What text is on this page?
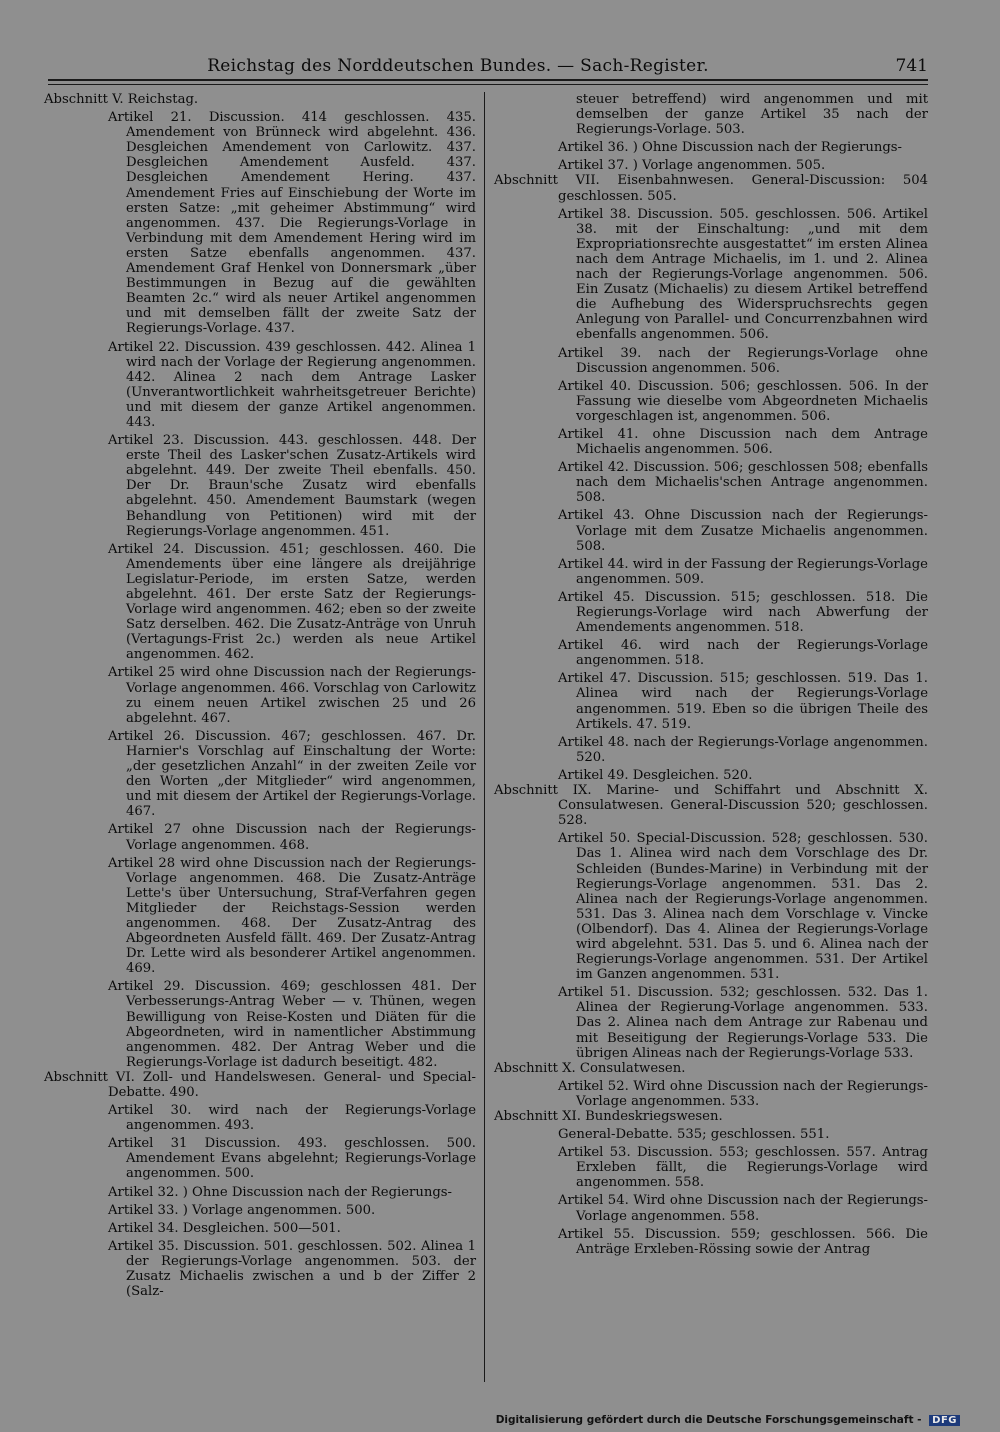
Reichstag des Norddeutschen Bundes. — Sach-Register.	741

Abschnitt V. Reichstag.

Artikel 21. Discussion. 414 geschlossen. 435. Amendement von Brünneck wird abgelehnt. 436. Desgleichen Amendement von Carlowitz. 437. Desgleichen Amendement Ausfeld. 437. Desgleichen Amendement Hering. 437. Amendement Fries auf Einschiebung der Worte im ersten Satze: „mit geheimer Abstimmung“ wird angenommen. 437. Die Regierungs-Vorlage in Verbindung mit dem Amendement Hering wird im ersten Satze ebenfalls angenommen. 437. Amendement Graf Henkel von Donnersmark „über Bestimmungen in Bezug auf die gewählten Beamten 2c.“ wird als neuer Artikel angenommen und mit demselben fällt der zweite Satz der Regierungs-Vorlage. 437.

Artikel 22. Discussion. 439 geschlossen. 442. Alinea 1 wird nach der Vorlage der Regierung angenommen. 442. Alinea 2 nach dem Antrage Lasker (Unverantwortlichkeit wahrheitsgetreuer Berichte) und mit diesem der ganze Artikel angenommen. 443.

Artikel 23. Discussion. 443. geschlossen. 448. Der erste Theil des Lasker'schen Zusatz-Artikels wird abgelehnt. 449. Der zweite Theil ebenfalls. 450. Der Dr. Braun'sche Zusatz wird ebenfalls abgelehnt. 450. Amendement Baumstark (wegen Behandlung von Petitionen) wird mit der Regierungs-Vorlage angenommen. 451.

Artikel 24. Discussion. 451; geschlossen. 460. Die Amendements über eine längere als dreijährige Legislatur-Periode, im ersten Satze, werden abgelehnt. 461. Der erste Satz der Regierungs-Vorlage wird angenommen. 462; eben so der zweite Satz derselben. 462. Die Zusatz-Anträge von Unruh (Vertagungs-Frist 2c.) werden als neue Artikel angenommen. 462.

Artikel 25 wird ohne Discussion nach der Regierungs-Vorlage angenommen. 466. Vorschlag von Carlowitz zu einem neuen Artikel zwischen 25 und 26 abgelehnt. 467.

Artikel 26. Discussion. 467; geschlossen. 467. Dr. Harnier's Vorschlag auf Einschaltung der Worte: „der gesetzlichen Anzahl“ in der zweiten Zeile vor den Worten „der Mitglieder“ wird angenommen, und mit diesem der Artikel der Regierungs-Vorlage. 467.

Artikel 27 ohne Discussion nach der Regierungs-Vorlage angenommen. 468.

Artikel 28 wird ohne Discussion nach der Regierungs-Vorlage angenommen. 468. Die Zusatz-Anträge Lette's über Untersuchung, Straf-Verfahren gegen Mitglieder der Reichstags-Session werden angenommen. 468. Der Zusatz-Antrag des Abgeordneten Ausfeld fällt. 469. Der Zusatz-Antrag Dr. Lette wird als besonderer Artikel angenommen. 469.

Artikel 29. Discussion. 469; geschlossen 481. Der Verbesserungs-Antrag Weber — v. Thünen, wegen Bewilligung von Reise-Kosten und Diäten für die Abgeordneten, wird in namentlicher Abstimmung angenommen. 482. Der Antrag Weber und die Regierungs-Vorlage ist dadurch beseitigt. 482.

Abschnitt VI. Zoll- und Handelswesen. General- und Special-Debatte. 490.

Artikel 30. wird nach der Regierungs-Vorlage angenommen. 493.

Artikel 31 Discussion. 493. geschlossen. 500. Amendement Evans abgelehnt; Regierungs-Vorlage angenommen. 500.

Artikel 32. ) Ohne Discussion nach der Regierungs-

Artikel 33. ) Vorlage angenommen. 500.

Artikel 34. Desgleichen. 500—501.

Artikel 35. Discussion. 501. geschlossen. 502. Alinea 1 der Regierungs-Vorlage angenommen. 503. der Zusatz Michaelis zwischen a und b der Ziffer 2 (Salz-

steuer betreffend) wird angenommen und mit demselben der ganze Artikel 35 nach der Regierungs-Vorlage. 503.

Artikel 36. ) Ohne Discussion nach der Regierungs-

Artikel 37. ) Vorlage angenommen. 505.

Abschnitt VII. Eisenbahnwesen. General-Discussion: 504 geschlossen. 505.

Artikel 38. Discussion. 505. geschlossen. 506. Artikel 38. mit der Einschaltung: „und mit dem Expropriationsrechte ausgestattet“ im ersten Alinea nach dem Antrage Michaelis, im 1. und 2. Alinea nach der Regierungs-Vorlage angenommen. 506. Ein Zusatz (Michaelis) zu diesem Artikel betreffend die Aufhebung des Widerspruchsrechts gegen Anlegung von Parallel- und Concurrenzbahnen wird ebenfalls angenommen. 506.

Artikel 39. nach der Regierungs-Vorlage ohne Discussion angenommen. 506.

Artikel 40. Discussion. 506; geschlossen. 506. In der Fassung wie dieselbe vom Abgeordneten Michaelis vorgeschlagen ist, angenommen. 506.

Artikel 41. ohne Discussion nach dem Antrage Michaelis angenommen. 506.

Artikel 42. Discussion. 506; geschlossen 508; ebenfalls nach dem Michaelis'schen Antrage angenommen. 508.

Artikel 43. Ohne Discussion nach der Regierungs-Vorlage mit dem Zusatze Michaelis angenommen. 508.

Artikel 44. wird in der Fassung der Regierungs-Vorlage angenommen. 509.

Artikel 45. Discussion. 515; geschlossen. 518. Die Regierungs-Vorlage wird nach Abwerfung der Amendements angenommen. 518.

Artikel 46. wird nach der Regierungs-Vorlage angenommen. 518.

Artikel 47. Discussion. 515; geschlossen. 519. Das 1. Alinea wird nach der Regierungs-Vorlage angenommen. 519. Eben so die übrigen Theile des Artikels. 47. 519.

Artikel 48. nach der Regierungs-Vorlage angenommen. 520.

Artikel 49. Desgleichen. 520.

Abschnitt IX. Marine- und Schiffahrt und Abschnitt X. Consulatwesen. General-Discussion 520; geschlossen. 528.

Artikel 50. Special-Discussion. 528; geschlossen. 530. Das 1. Alinea wird nach dem Vorschlage des Dr. Schleiden (Bundes-Marine) in Verbindung mit der Regierungs-Vorlage angenommen. 531. Das 2. Alinea nach der Regierungs-Vorlage angenommen. 531. Das 3. Alinea nach dem Vorschlage v. Vincke (Olbendorf). Das 4. Alinea der Regierungs-Vorlage wird abgelehnt. 531. Das 5. und 6. Alinea nach der Regierungs-Vorlage angenommen. 531. Der Artikel im Ganzen angenommen. 531.

Artikel 51. Discussion. 532; geschlossen. 532. Das 1. Alinea der Regierung-Vorlage angenommen. 533. Das 2. Alinea nach dem Antrage zur Rabenau und mit Beseitigung der Regierungs-Vorlage 533. Die übrigen Alineas nach der Regierungs-Vorlage 533.

Abschnitt X. Consulatwesen.

Artikel 52. Wird ohne Discussion nach der Regierungs-Vorlage angenommen. 533.

Abschnitt XI. Bundeskriegswesen.

General-Debatte. 535; geschlossen. 551.

Artikel 53. Discussion. 553; geschlossen. 557. Antrag Erxleben fällt, die Regierungs-Vorlage wird angenommen. 558.

Artikel 54. Wird ohne Discussion nach der Regierungs-Vorlage angenommen. 558.

Artikel 55. Discussion. 559; geschlossen. 566. Die Anträge Erxleben-Rössing sowie der Antrag

Digitalisierung gefördert durch die Deutsche Forschungsgemeinschaft - DFG
